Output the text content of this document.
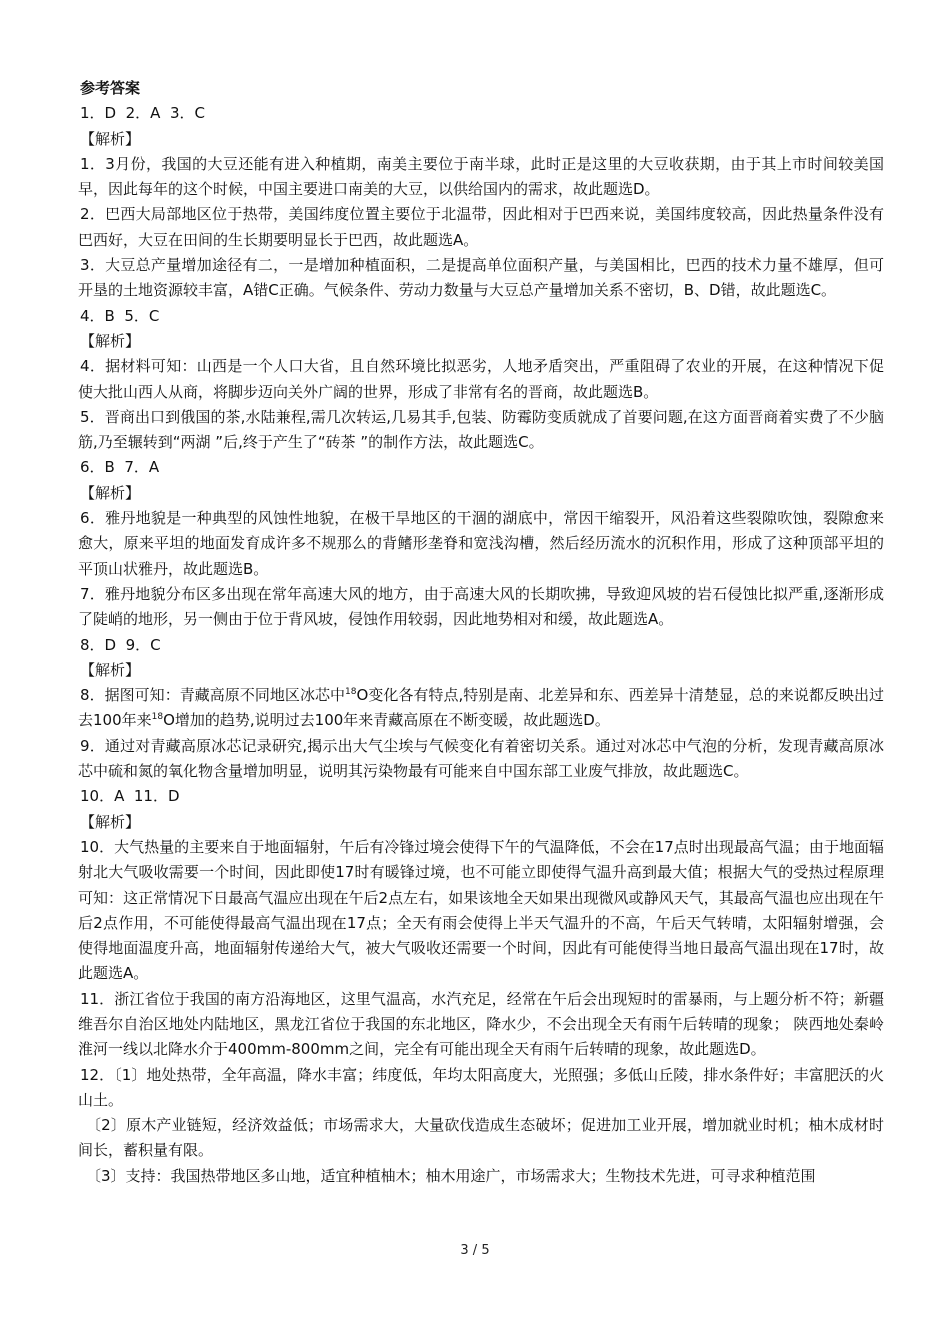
参考答案

1．D  2．A  3．C

【解析】

1．3月份，我国的大豆还能有进入种植期，南美主要位于南半球，此时正是这里的大豆收获期，由于其上市时间较美国早，因此每年的这个时候，中国主要进口南美的大豆，以供给国内的需求，故此题选D。

2．巴西大局部地区位于热带，美国纬度位置主要位于北温带，因此相对于巴西来说，美国纬度较高，因此热量条件没有巴西好，大豆在田间的生长期要明显长于巴西，故此题选A。

3．大豆总产量增加途径有二，一是增加种植面积，二是提高单位面积产量，与美国相比，巴西的技术力量不雄厚，但可开垦的土地资源较丰富，A错C正确。气候条件、劳动力数量与大豆总产量增加关系不密切，B、D错，故此题选C。

4．B  5．C

【解析】

4．据材料可知：山西是一个人口大省，且自然环境比拟恶劣，人地矛盾突出，严重阻碍了农业的开展，在这种情况下促使大批山西人从商，将脚步迈向关外广阔的世界，形成了非常有名的晋商，故此题选B。

5．晋商出口到俄国的茶,水陆兼程,需几次转运,几易其手,包装、防霉防变质就成了首要问题,在这方面晋商着实费了不少脑筋,乃至辗转到“两湖 ”后,终于产生了“砖茶 ”的制作方法，故此题选C。

6．B  7．A

【解析】

6．雅丹地貌是一种典型的风蚀性地貌，在极干旱地区的干涸的湖底中，常因干缩裂开，风沿着这些裂隙吹蚀，裂隙愈来愈大，原来平坦的地面发育成许多不规那么的背鳍形垄脊和宽浅沟槽，然后经历流水的沉积作用，形成了这种顶部平坦的平顶山状雅丹，故此题选B。

7．雅丹地貌分布区多出现在常年高速大风的地方，由于高速大风的长期吹拂，导致迎风坡的岩石侵蚀比拟严重,逐渐形成了陡峭的地形，另一侧由于位于背风坡，侵蚀作用较弱，因此地势相对和缓，故此题选A。

8．D  9．C

【解析】

8．据图可知：青藏高原不同地区冰芯中$^{18}$O变化各有特点,特别是南、北差异和东、西差异十清楚显，总的来说都反映出过去100年来$^{18}$O增加的趋势,说明过去100年来青藏高原在不断变暖，故此题选D。

9．通过对青藏高原冰芯记录研究,揭示出大气尘埃与气候变化有着密切关系。通过对冰芯中气泡的分析，发现青藏高原冰芯中硫和氮的氧化物含量增加明显，说明其污染物最有可能来自中国东部工业废气排放，故此题选C。

10．A  11．D

【解析】

10．大气热量的主要来自于地面辐射，午后有冷锋过境会使得下午的气温降低，不会在17点时出现最高气温；由于地面辐射北大气吸收需要一个时间，因此即使17时有暖锋过境，也不可能立即使得气温升高到最大值；根据大气的受热过程原理可知：这正常情况下日最高气温应出现在午后2点左右，如果该地全天如果出现微风或静风天气，其最高气温也应出现在午后2点作用，不可能使得最高气温出现在17点；全天有雨会使得上半天气温升的不高，午后天气转晴，太阳辐射增强，会使得地面温度升高，地面辐射传递给大气，被大气吸收还需要一个时间，因此有可能使得当地日最高气温出现在17时，故此题选A。

11．浙江省位于我国的南方沿海地区，这里气温高，水汽充足，经常在午后会出现短时的雷暴雨，与上题分析不符；新疆维吾尔自治区地处内陆地区，黑龙江省位于我国的东北地区，降水少，不会出现全天有雨午后转晴的现象； 陕西地处秦岭淮河一线以北降水介于400mm-800mm之间，完全有可能出现全天有雨午后转晴的现象，故此题选D。

12．〔1〕地处热带，全年高温，降水丰富；纬度低，年均太阳高度大，光照强；多低山丘陵，排水条件好；丰富肥沃的火山土。

〔2〕原木产业链短，经济效益低；市场需求大，大量砍伐造成生态破坏；促进加工业开展，增加就业时机；柚木成材时间长，蓄积量有限。

〔3〕支持：我国热带地区多山地，适宜种植柚木；柚木用途广，市场需求大；生物技术先进，可寻求种植范围

3 / 5
